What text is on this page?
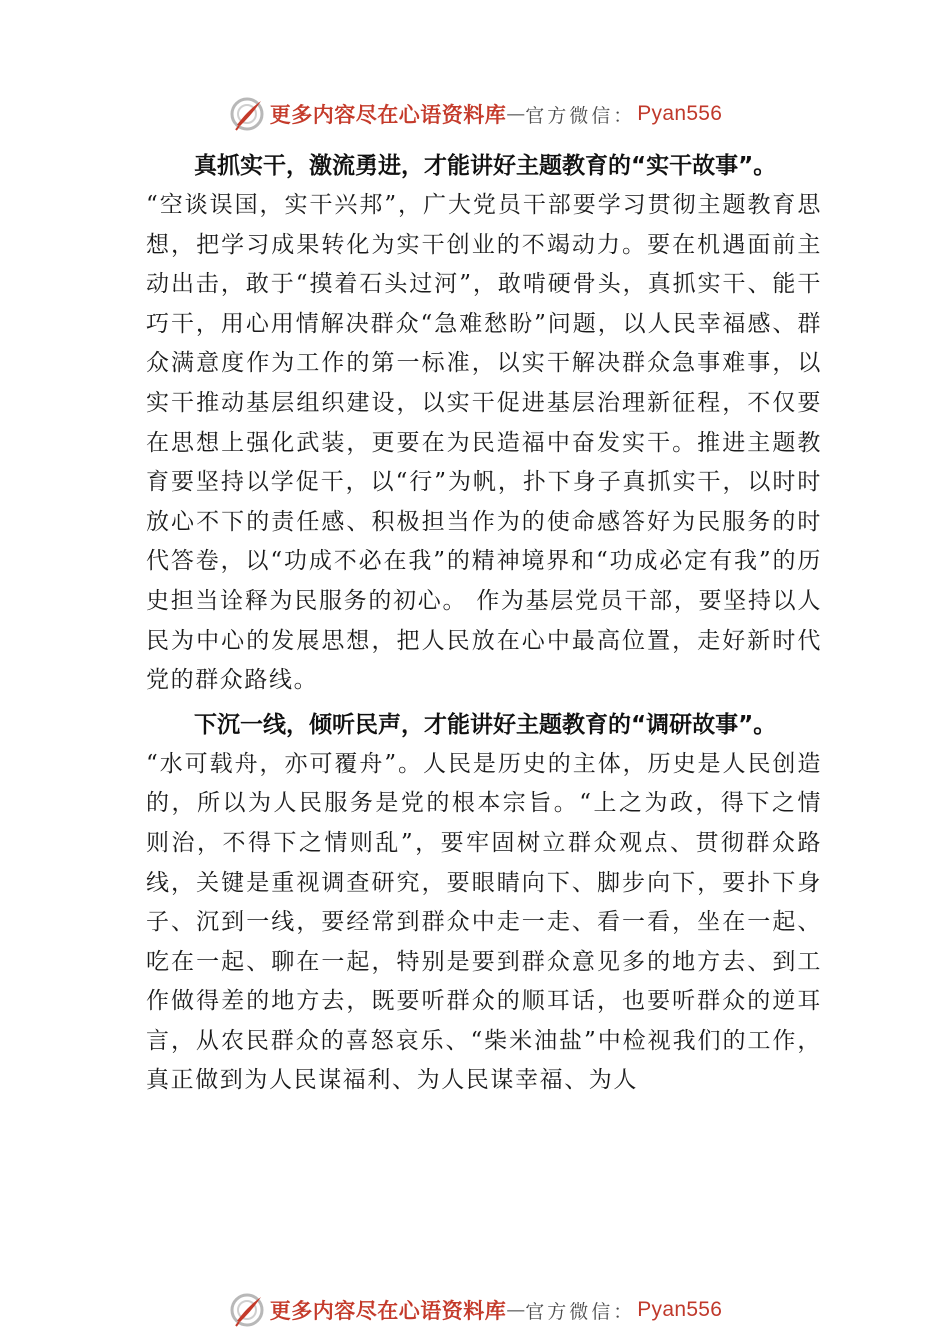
更多内容尽在心语资料库 — 官方微信： Pyan556

真抓实干，激流勇进，才能讲好主题教育的“实干故事”。

“空谈误国，实干兴邦”，广大党员干部要学习贯彻主题教育思想，把学习成果转化为实干创业的不竭动力。要在机遇面前主动出击，敢于“摸着石头过河”，敢啃硬骨头，真抓实干、能干巧干，用心用情解决群众“急难愁盼”问题，以人民幸福感、群众满意度作为工作的第一标准，以实干解决群众急事难事，以实干推动基层组织建设，以实干促进基层治理新征程，不仅要在思想上强化武装，更要在为民造福中奋发实干。推进主题教育要坚持以学促干，以“行”为帆，扑下身子真抓实干，以时时放心不下的责任感、积极担当作为的使命感答好为民服务的时代答卷，以“功成不必在我”的精神境界和“功成必定有我”的历史担当诠释为民服务的初心。 作为基层党员干部，要坚持以人民为中心的发展思想，把人民放在心中最高位置，走好新时代党的群众路线。

下沉一线，倾听民声，才能讲好主题教育的“调研故事”。

“水可载舟，亦可覆舟”。人民是历史的主体，历史是人民创造的，所以为人民服务是党的根本宗旨。“上之为政，得下之情则治，不得下之情则乱”，要牢固树立群众观点、贯彻群众路线，关键是重视调查研究，要眼睛向下、脚步向下，要扑下身子、沉到一线，要经常到群众中走一走、看一看，坐在一起、吃在一起、聊在一起，特别是要到群众意见多的地方去、到工作做得差的地方去，既要听群众的顺耳话，也要听群众的逆耳言，从农民群众的喜怒哀乐、“柴米油盐”中检视我们的工作，真正做到为人民谋福利、为人民谋幸福、为人

更多内容尽在心语资料库 — 官方微信： Pyan556
